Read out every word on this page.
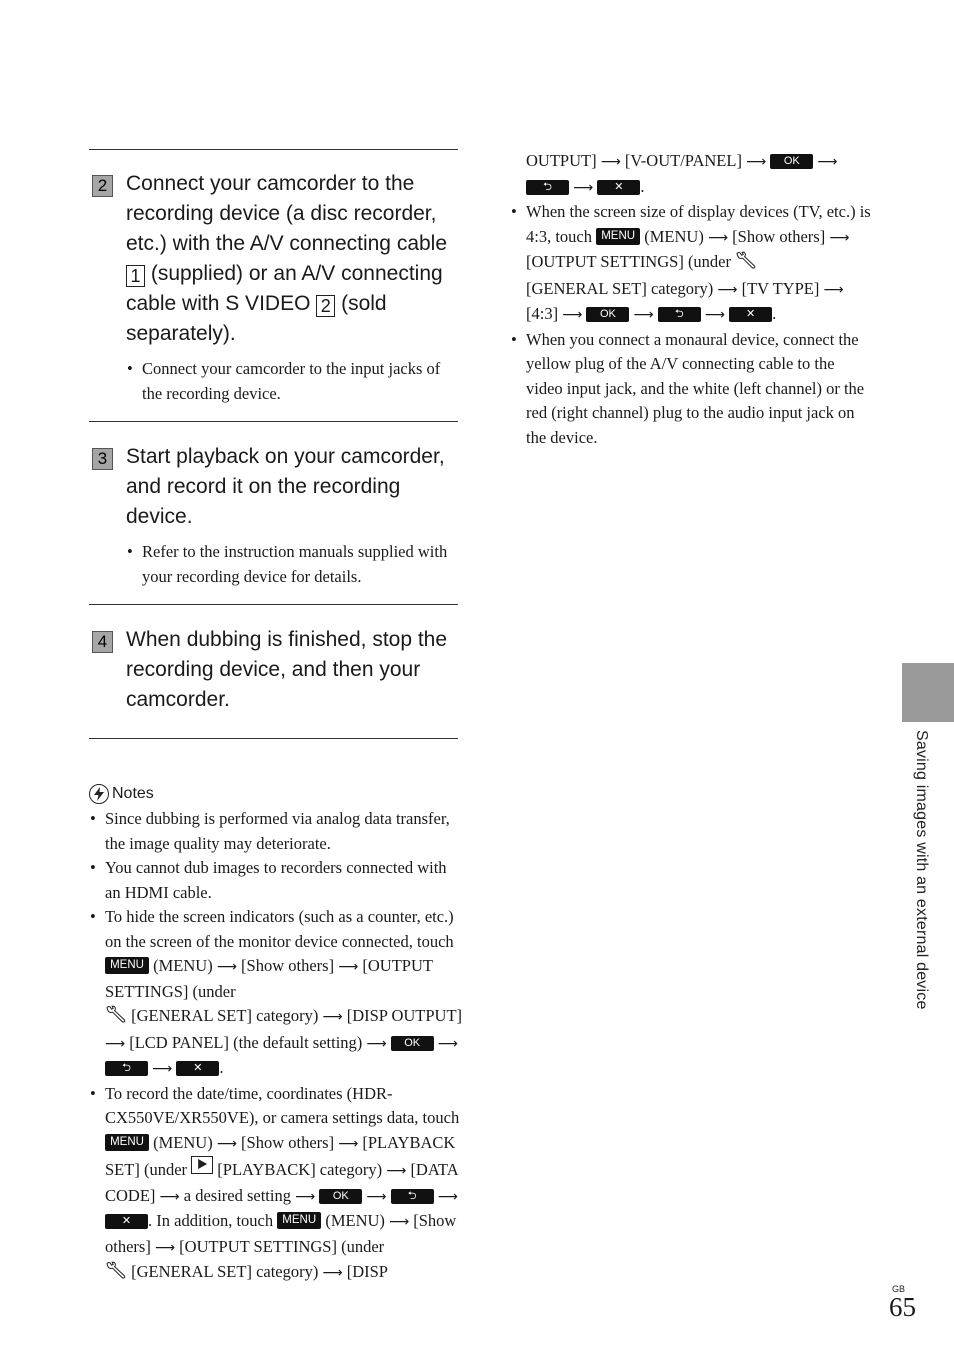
2 Connect your camcorder to the recording device (a disc recorder, etc.) with the A/V connecting cable 1 (supplied) or an A/V connecting cable with S VIDEO 2 (sold separately).
• Connect your camcorder to the input jacks of the recording device.
3 Start playback on your camcorder, and record it on the recording device.
• Refer to the instruction manuals supplied with your recording device for details.
4 When dubbing is finished, stop the recording device, and then your camcorder.
Notes
• Since dubbing is performed via analog data transfer, the image quality may deteriorate.
• You cannot dub images to recorders connected with an HDMI cable.
• To hide the screen indicators (such as a counter, etc.) on the screen of the monitor device connected, touch MENU (MENU) ⟶ [Show others] ⟶ [OUTPUT SETTINGS] (under
[GENERAL SET] category) ⟶ [DISP OUTPUT] ⟶ [LCD PANEL] (the default setting) ⟶ OK ⟶ ⮌ ⟶ ✕ .
• To record the date/time, coordinates (HDR-CX550VE/XR550VE), or camera settings data, touch MENU (MENU) ⟶ [Show others] ⟶ [PLAYBACK SET] (under  [PLAYBACK] category) ⟶ [DATA CODE] ⟶ a desired setting ⟶ OK ⟶ ⮌ ⟶ ✕ . In addition, touch MENU (MENU) ⟶ [Show others] ⟶ [OUTPUT SETTINGS] (under
[GENERAL SET] category) ⟶ [DISP

OUTPUT] ⟶ [V-OUT/PANEL] ⟶ OK ⟶
⮌ ⟶ ✕ .

• When the screen size of display devices (TV, etc.) is 4:3, touch MENU (MENU) ⟶ [Show others] ⟶ [OUTPUT SETTINGS] (under
[GENERAL SET] category) ⟶ [TV TYPE] ⟶
[4:3] ⟶ OK ⟶ ⮌ ⟶ ✕ .
• When you connect a monaural device, connect the yellow plug of the A/V connecting cable to the video input jack, and the white (left channel) or the red (right channel) plug to the audio input jack on the device.
Saving images with an external device
GB
65
